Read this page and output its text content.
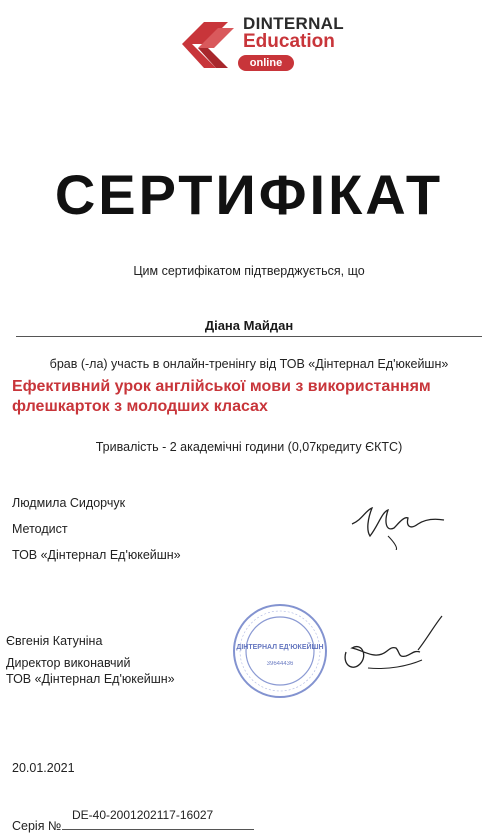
DINTERNAL
Education
online
СЕРТИФІКАТ
Цим сертифікатом підтверджується, що
Діана Майдан
брав (-ла) участь в онлайн-тренінгу від ТОВ «Дінтернал Ед'юкейшн»
Ефективний урок англійської мови з використанням флешкарток з молодших класах
Тривалість - 2 академічні години (0,07кредиту ЄКТС)
Людмила Сидорчук
Методист
ТОВ «Дінтернал Ед'юкейшн»
ДІНТЕРНАЛ ЕД'ЮКЕЙШН
39644436
Євгенія Катуніна
Директор виконавчий
ТОВ «Дінтернал Ед'юкейшн»
20.01.2021
Серія №
DE-40-2001202117-16027
